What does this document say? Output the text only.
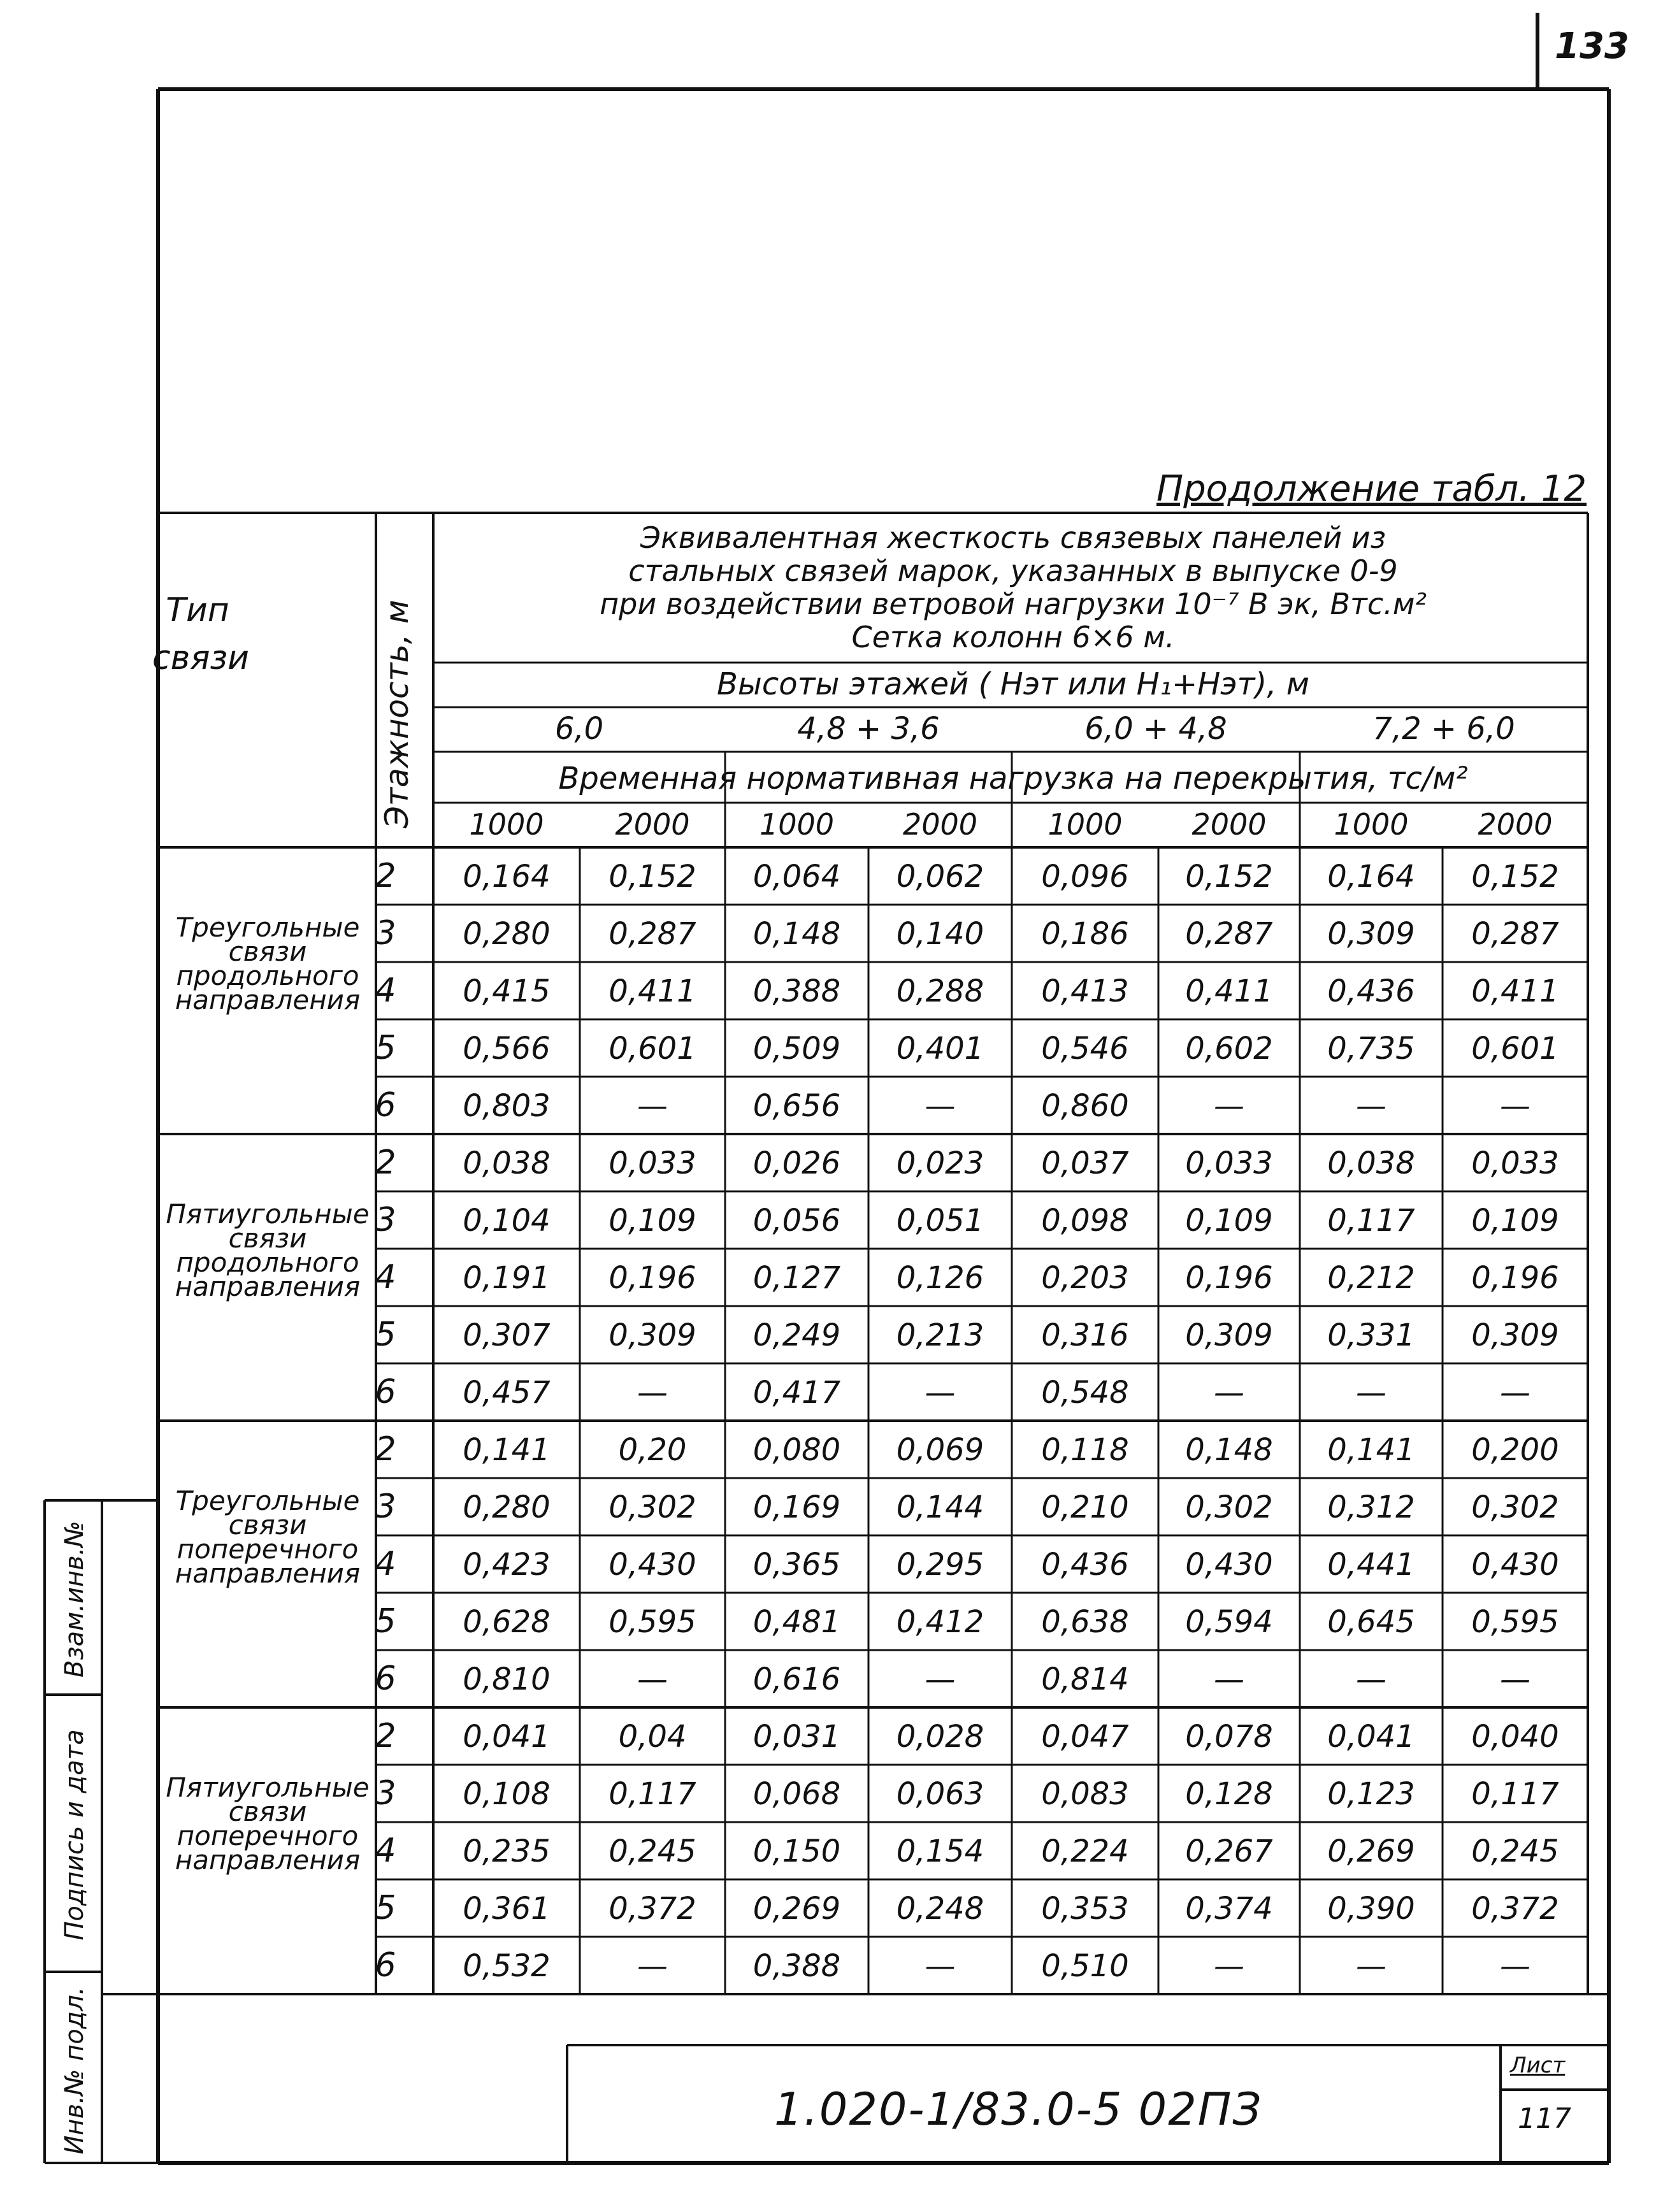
133
Тип
связи	Этажность, м
Эквивалентная жесткость связевых панелей из
стальных связей марок, указанных в выпуске 0-9
при воздействии ветровой нагрузки 10⁻⁷ В эк, Втс.м²
Сетка колонн 6×6 м.
Высоты этажей ( Нэт или Н₁+Нэт), м
6,0	4,8 + 3,6	6,0 + 4,8	7,2 + 6,0
Временная нормативная нагрузка на перекрытия, тс/м²
1000 2000 1000 2000 1000 2000 1000 2000
Треугольные
связи
продольного
направления
2 0,164 0,152 0,064 0,062 0,096 0,152 0,164 0,152
3 0,280 0,287 0,148 0,140 0,186 0,287 0,309 0,287
4 0,415 0,411 0,388 0,288 0,413 0,411 0,436 0,411
5 0,566 0,601 0,509 0,401 0,546 0,602 0,735 0,601
6 0,803	—	0,656	—	0,860	—	—	—
Пятиугольные
связи
продольного
направления
2 0,038 0,033 0,026 0,023 0,037 0,033 0,038 0,033
3 0,104 0,109 0,056 0,051 0,098 0,109 0,117 0,109
4 0,191 0,196 0,127 0,126 0,203 0,196 0,212 0,196
5 0,307 0,309 0,249 0,213 0,316 0,309 0,331 0,309
6 0,457	—	0,417	—	0,548	—	—	—
Треугольные
связи
поперечного
направления
2 0,141 0,20 0,080 0,069 0,118 0,148 0,141 0,200
3 0,280 0,302 0,169 0,144 0,210 0,302 0,312 0,302
4 0,423 0,430 0,365 0,295 0,436 0,430 0,441 0,430
5 0,628 0,595 0,481 0,412 0,638 0,594 0,645 0,595
6 0,810	—	0,616	—	0,814	—	—	—
Пятиугольные
связи
поперечного
направления
2 0,041 0,04 0,031 0,028 0,047 0,078 0,041 0,040
3 0,108 0,117 0,068 0,063 0,083 0,128 0,123 0,117
4 0,235 0,245 0,150 0,154 0,224 0,267 0,269 0,245
5 0,361 0,372 0,269 0,248 0,353 0,374 0,390 0,372
6 0,532	—	0,388	—	0,510	—	—	—
Взам.инв.№
Подпись и дата
Инв.№ подл.
Продолжение табл. 12
1.020-1/83.0-5 02ПЗ
Лист
117
